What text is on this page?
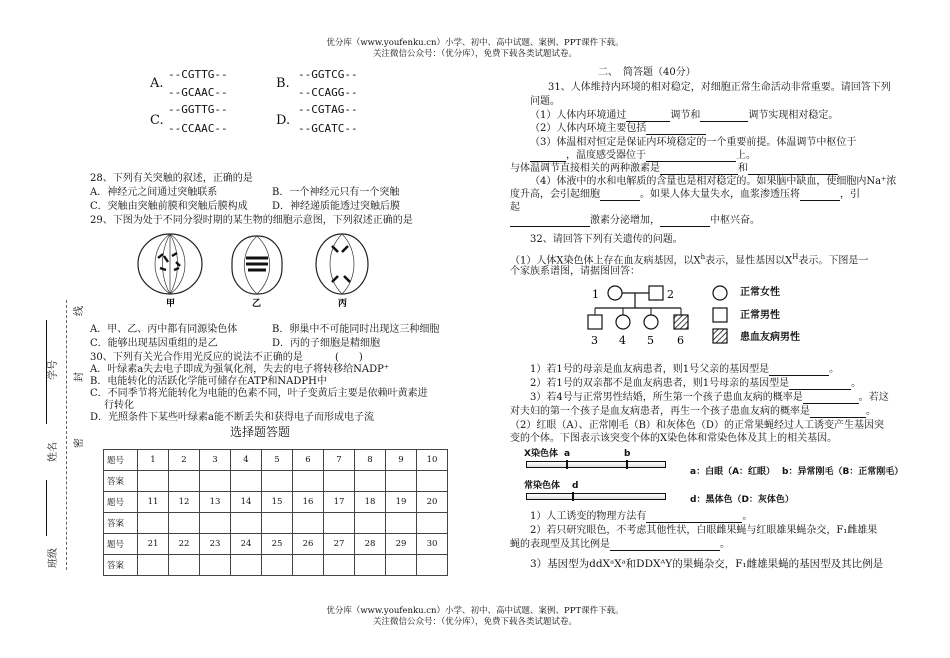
优分库（www.youfenku.cn）小学、初中、高中试题、案例、PPT课件下载。
关注微信公众号：（优分库），免费下载各类试题试卷。
班级
姓名
学号
密
封
线
A.
--CGTTG--
--GCAAC--
C.
--GGTTG--
--CCAAC--
B.
--GGTCG--
--CCAGG--
D.
--CGTAG--
--GCATC--
28、下列有关突触的叙述，正确的是
A．神经元之间通过突触联系	B．一个神经元只有一个突触
C．突触由突触前膜和突触后膜构成 D．神经递质能透过突触后膜
29、下图为处于不同分裂时期的某生物的细胞示意图，下列叙述正确的是
甲	乙	丙
A．甲、乙、丙中都有同源染色体	B．卵巢中不可能同时出现这三种细胞
C．能够出现基因重组的是乙	D．丙的子细胞是精细胞
30、下列有关光合作用光反应的说法不正确的是	(　　)
A．叶绿素a失去电子即成为强氧化剂，失去的电子将转移给NADP⁺
B．电能转化的活跃化学能可储存在ATP和NADPH中
C．不同季节将光能转化为电能的色素不同，叶子变黄后主要是依赖叶黄素进
行转化
D．光照条件下某些叶绿素a能不断丢失和获得电子而形成电子流
选择题答题
题号	1	2	3	4	5	6	7	8	9	10
答案										
题号	11	12	13	14	15	16	17	18	19	20
答案										
题号	21	22	23	24	25	26	27	28	29	30
答案										
二、　简答题（40分）
31、人体维持内环境的相对稳定，对细胞正常生命活动非常重要。请回答下列
问题。
（1）人体内环境通过	调节和	调节实现相对稳定。
（2）人体内环境主要包括
（3）体温相对恒定是保证内环境稳定的一个重要前提。体温调节中枢位于
，温度感受器位于	上。
与体温调节直接相关的两种激素是	和
（4）体液中的水和电解质的含量也是相对稳定的。如果脑中缺血，使细胞内Na⁺浓
度升高，会引起细胞	。如果人体大量失水，血浆渗透压将	，引
起
激素分泌增加，	中枢兴奋。
32、请回答下列有关遗传的问题。
（1）人体X染色体上存在血友病基因，以$X^h$表示，显性基因以$X^H$表示。下图是一
个家族系谱图，请据图回答：
1	2
3 4 5 6
正常女性
正常男性
患血友病男性
1）若1号的母亲是血友病患者，则1号父亲的基因型是	。
2）若1号的双亲都不是血友病患者，则1号母亲的基因型是	。
3）若4号与正常男性结婚，所生第一个孩子患血友病的概率是	。若这
对夫妇的第一个孩子是血友病患者，再生一个孩子患血友病的概率是	。
（2）红眼（A）、正常刚毛（B）和灰体色（D）的正常果蝇经过人工诱变产生基因突
变的个体。下图表示该突变个体的X染色体和常染色体及其上的相关基因。
X染色体 a	b
常染色体 d
a：白眼（A：红眼） b：异常刚毛（B：正常刚毛）
d：黑体色（D：灰体色）
1）人工诱变的物理方法有	。
2）若只研究眼色，不考虑其他性状，白眼雌果蝇与红眼雄果蝇杂交，F₁雌雄果
蝇的表现型及其比例是	。
3）基因型为ddXᵃXᵃ和DDXᴬY的果蝇杂交，F₁雌雄果蝇的基因型及其比例是
优分库（www.youfenku.cn）小学、初中、高中试题、案例、PPT课件下载。
关注微信公众号：（优分库），免费下载各类试题试卷。
